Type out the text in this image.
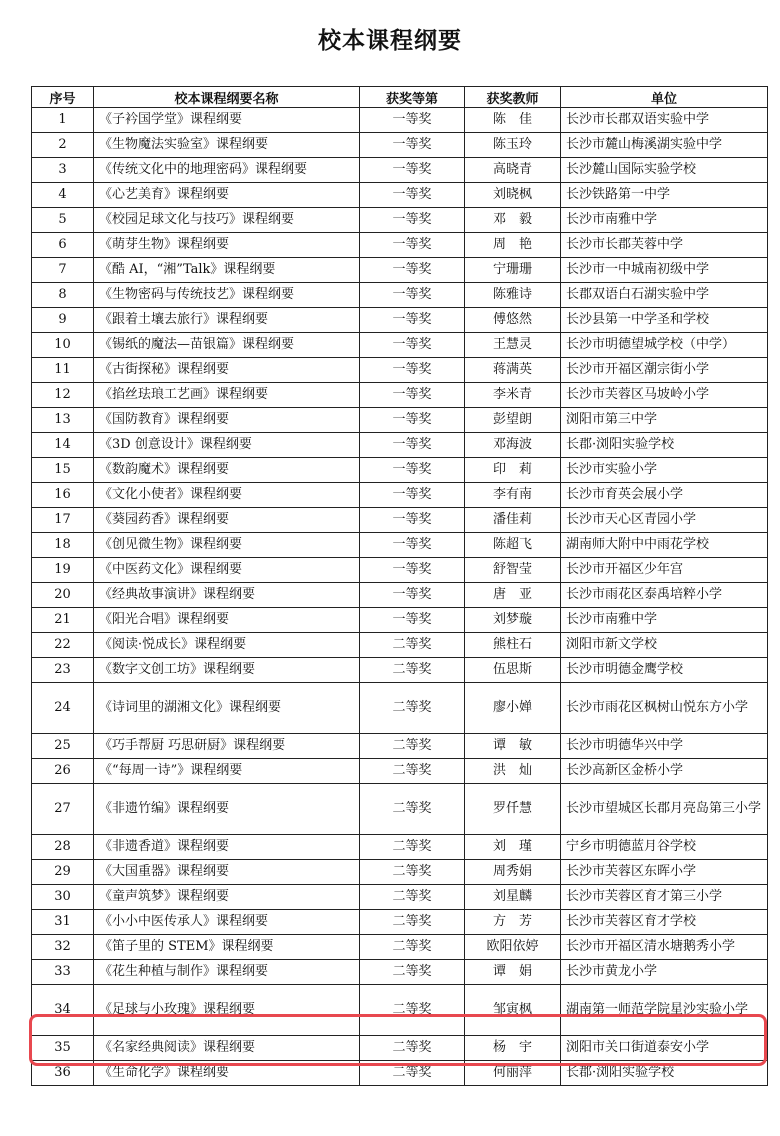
校本课程纲要
序号	校本课程纲要名称	获奖等第	获奖教师	单位
1	《子衿国学堂》课程纲要	一等奖	陈　佳	长沙市长郡双语实验中学
2	《生物魔法实验室》课程纲要	一等奖	陈玉玲	长沙市麓山梅溪湖实验中学
3	《传统文化中的地理密码》课程纲要	一等奖	高晓青	长沙麓山国际实验学校
4	《心艺美育》课程纲要	一等奖	刘晓枫	长沙铁路第一中学
5	《校园足球文化与技巧》课程纲要	一等奖	邓　毅	长沙市南雅中学
6	《萌芽生物》课程纲要	一等奖	周　艳	长沙市长郡芙蓉中学
7	《酷 AI，“湘”Talk》课程纲要	一等奖	宁珊珊	长沙市一中城南初级中学
8	《生物密码与传统技艺》课程纲要	一等奖	陈雅诗	长郡双语白石湖实验中学
9	《跟着土壤去旅行》课程纲要	一等奖	傅悠然	长沙县第一中学圣和学校
10	《锡纸的魔法—苗银篇》课程纲要	一等奖	王慧灵	长沙市明德望城学校（中学）
11	《古街探秘》课程纲要	一等奖	蒋满英	长沙市开福区潮宗街小学
12	《掐丝珐琅工艺画》课程纲要	一等奖	李米青	长沙市芙蓉区马坡岭小学
13	《国防教育》课程纲要	一等奖	彭望朗	浏阳市第三中学
14	《3D 创意设计》课程纲要	一等奖	邓海波	长郡·浏阳实验学校
15	《数韵魔术》课程纲要	一等奖	印　莉	长沙市实验小学
16	《文化小使者》课程纲要	一等奖	李有南	长沙市育英会展小学
17	《葵园药香》课程纲要	一等奖	潘佳莉	长沙市天心区青园小学
18	《创见微生物》课程纲要	一等奖	陈超飞	湖南师大附中中雨花学校
19	《中医药文化》课程纲要	一等奖	舒智莹	长沙市开福区少年宫
20	《经典故事演讲》课程纲要	一等奖	唐　亚	长沙市雨花区泰禹培粹小学
21	《阳光合唱》课程纲要	一等奖	刘梦璇	长沙市南雅中学
22	《阅读·悦成长》课程纲要	二等奖	熊柱石	浏阳市新文学校
23	《数字文创工坊》课程纲要	二等奖	伍思斯	长沙市明德金鹰学校
24	《诗词里的湖湘文化》课程纲要	二等奖	廖小婵	长沙市雨花区枫树山悦东方小学
25	《巧手帮厨 巧思研厨》课程纲要	二等奖	谭　敏	长沙市明德华兴中学
26	《“每周一诗”》课程纲要	二等奖	洪　灿	长沙高新区金桥小学
27	《非遗竹编》课程纲要	二等奖	罗仟慧	长沙市望城区长郡月亮岛第三小学
28	《非遗香道》课程纲要	二等奖	刘　瑾	宁乡市明德蓝月谷学校
29	《大国重器》课程纲要	二等奖	周秀娟	长沙市芙蓉区东晖小学
30	《童声筑梦》课程纲要	二等奖	刘星麟	长沙市芙蓉区育才第三小学
31	《小小中医传承人》课程纲要	二等奖	方　芳	长沙市芙蓉区育才学校
32	《笛子里的 STEM》课程纲要	二等奖	欧阳依婷	长沙市开福区清水塘鹅秀小学
33	《花生种植与制作》课程纲要	二等奖	谭　娟	长沙市黄龙小学
34	《足球与小玫瑰》课程纲要	二等奖	邹寅枫	湖南第一师范学院星沙实验小学
35	《名家经典阅读》课程纲要	二等奖	杨　宇	浏阳市关口街道泰安小学
36	《生命化学》课程纲要	二等奖	何丽萍	长郡·浏阳实验学校
